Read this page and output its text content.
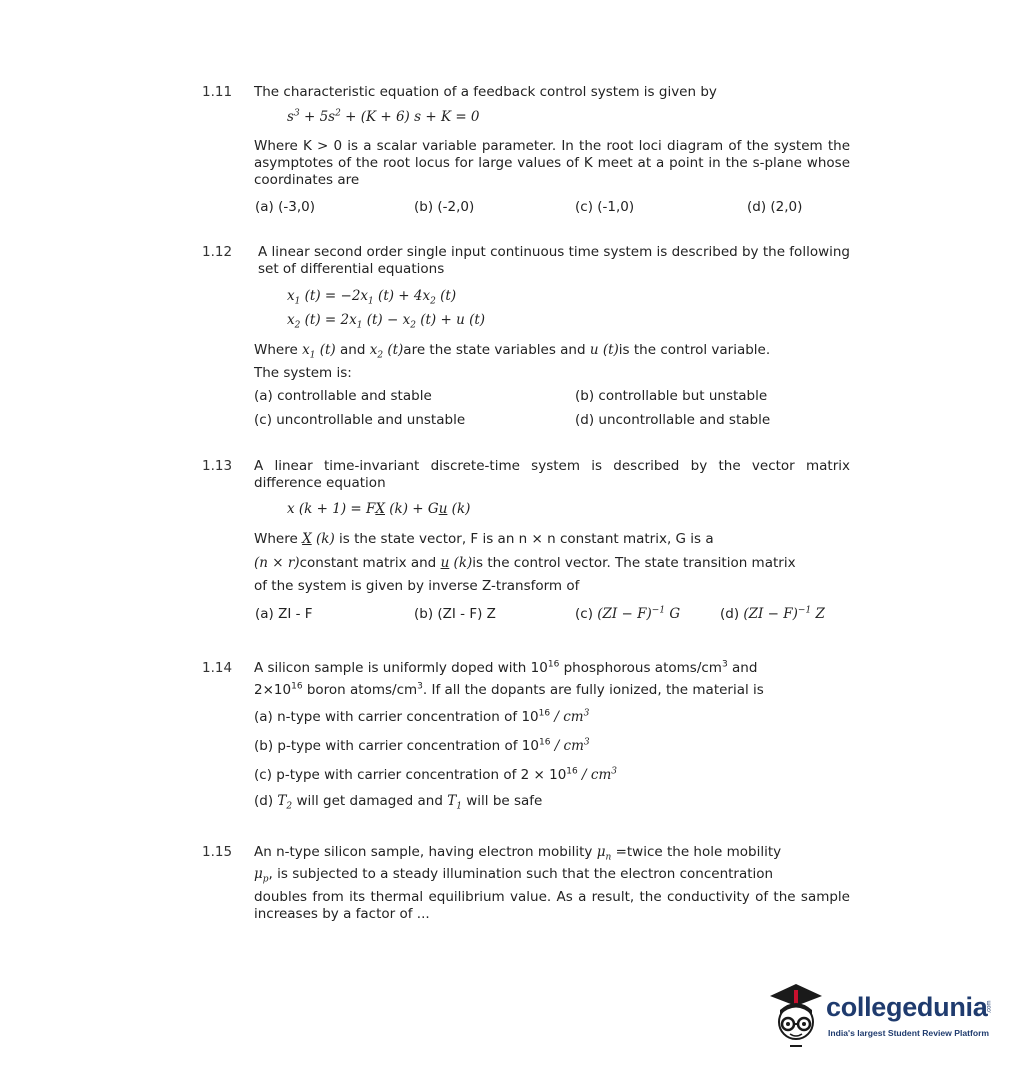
1.11 The characteristic equation of a feedback control system is given by
$s^3 + 5s^2 + (K + 6) s + K = 0$
Where K > 0 is a scalar variable parameter. In the root loci diagram of the system the asymptotes of the root locus for large values of K meet at a point in the s-plane whose coordinates are
(a) (-3,0)	(b) (-2,0)	(c) (-1,0)	(d) (2,0)
1.12 A linear second order single input continuous time system is described by the following set of differential equations
$x_1$ $(t) = -2x_1$ $(t) + 4x_2$ (t)
$x_2$ $(t) = 2x_1$ $(t) - x_2$ (t) + u (t)
Where $x_1$ (t) and $x_2$ (t)are the state variables and u (t)is the control variable.
The system is:
(a) controllable and stable	(b) controllable but unstable
(c) uncontrollable and unstable	(d) uncontrollable and stable
1.13 A linear time-invariant discrete-time system is described by the vector matrix difference equation
x (k + 1) = FX (k) + Gu (k)
Where X (k) is the state vector, F is an n × n constant matrix, G is a
(n × r)constant matrix and u (k)is the control vector. The state transition matrix
of the system is given by inverse Z-transform of
(a) ZI - F	(b) (ZI - F) Z	(c) (ZI − F)$^{-1}$ G	(d) (ZI − F)$^{-1}$ Z
1.14 A silicon sample is uniformly doped with $10^{16}$ phosphorous atoms/$cm^3$ and
$2\times 10^{16}$ boron atoms/$cm^3$. If all the dopants are fully ionized, the material is
(a) n-type with carrier concentration of $10^{16} / cm^3$
(b) p-type with carrier concentration of $10^{16} / cm^3$
(c) p-type with carrier concentration of $2 \times 10^{16} / cm^3$
(d) $T_2$ will get damaged and $T_1$ will be safe
1.15 An n-type silicon sample, having electron mobility $\mu_n$ =twice the hole mobility
$\mu_p$, is subjected to a steady illumination such that the electron concentration
doubles from its thermal equilibrium value. As a result, the conductivity of the sample increases by a factor of ...
collegedunia .com
India's largest Student Review Platform
